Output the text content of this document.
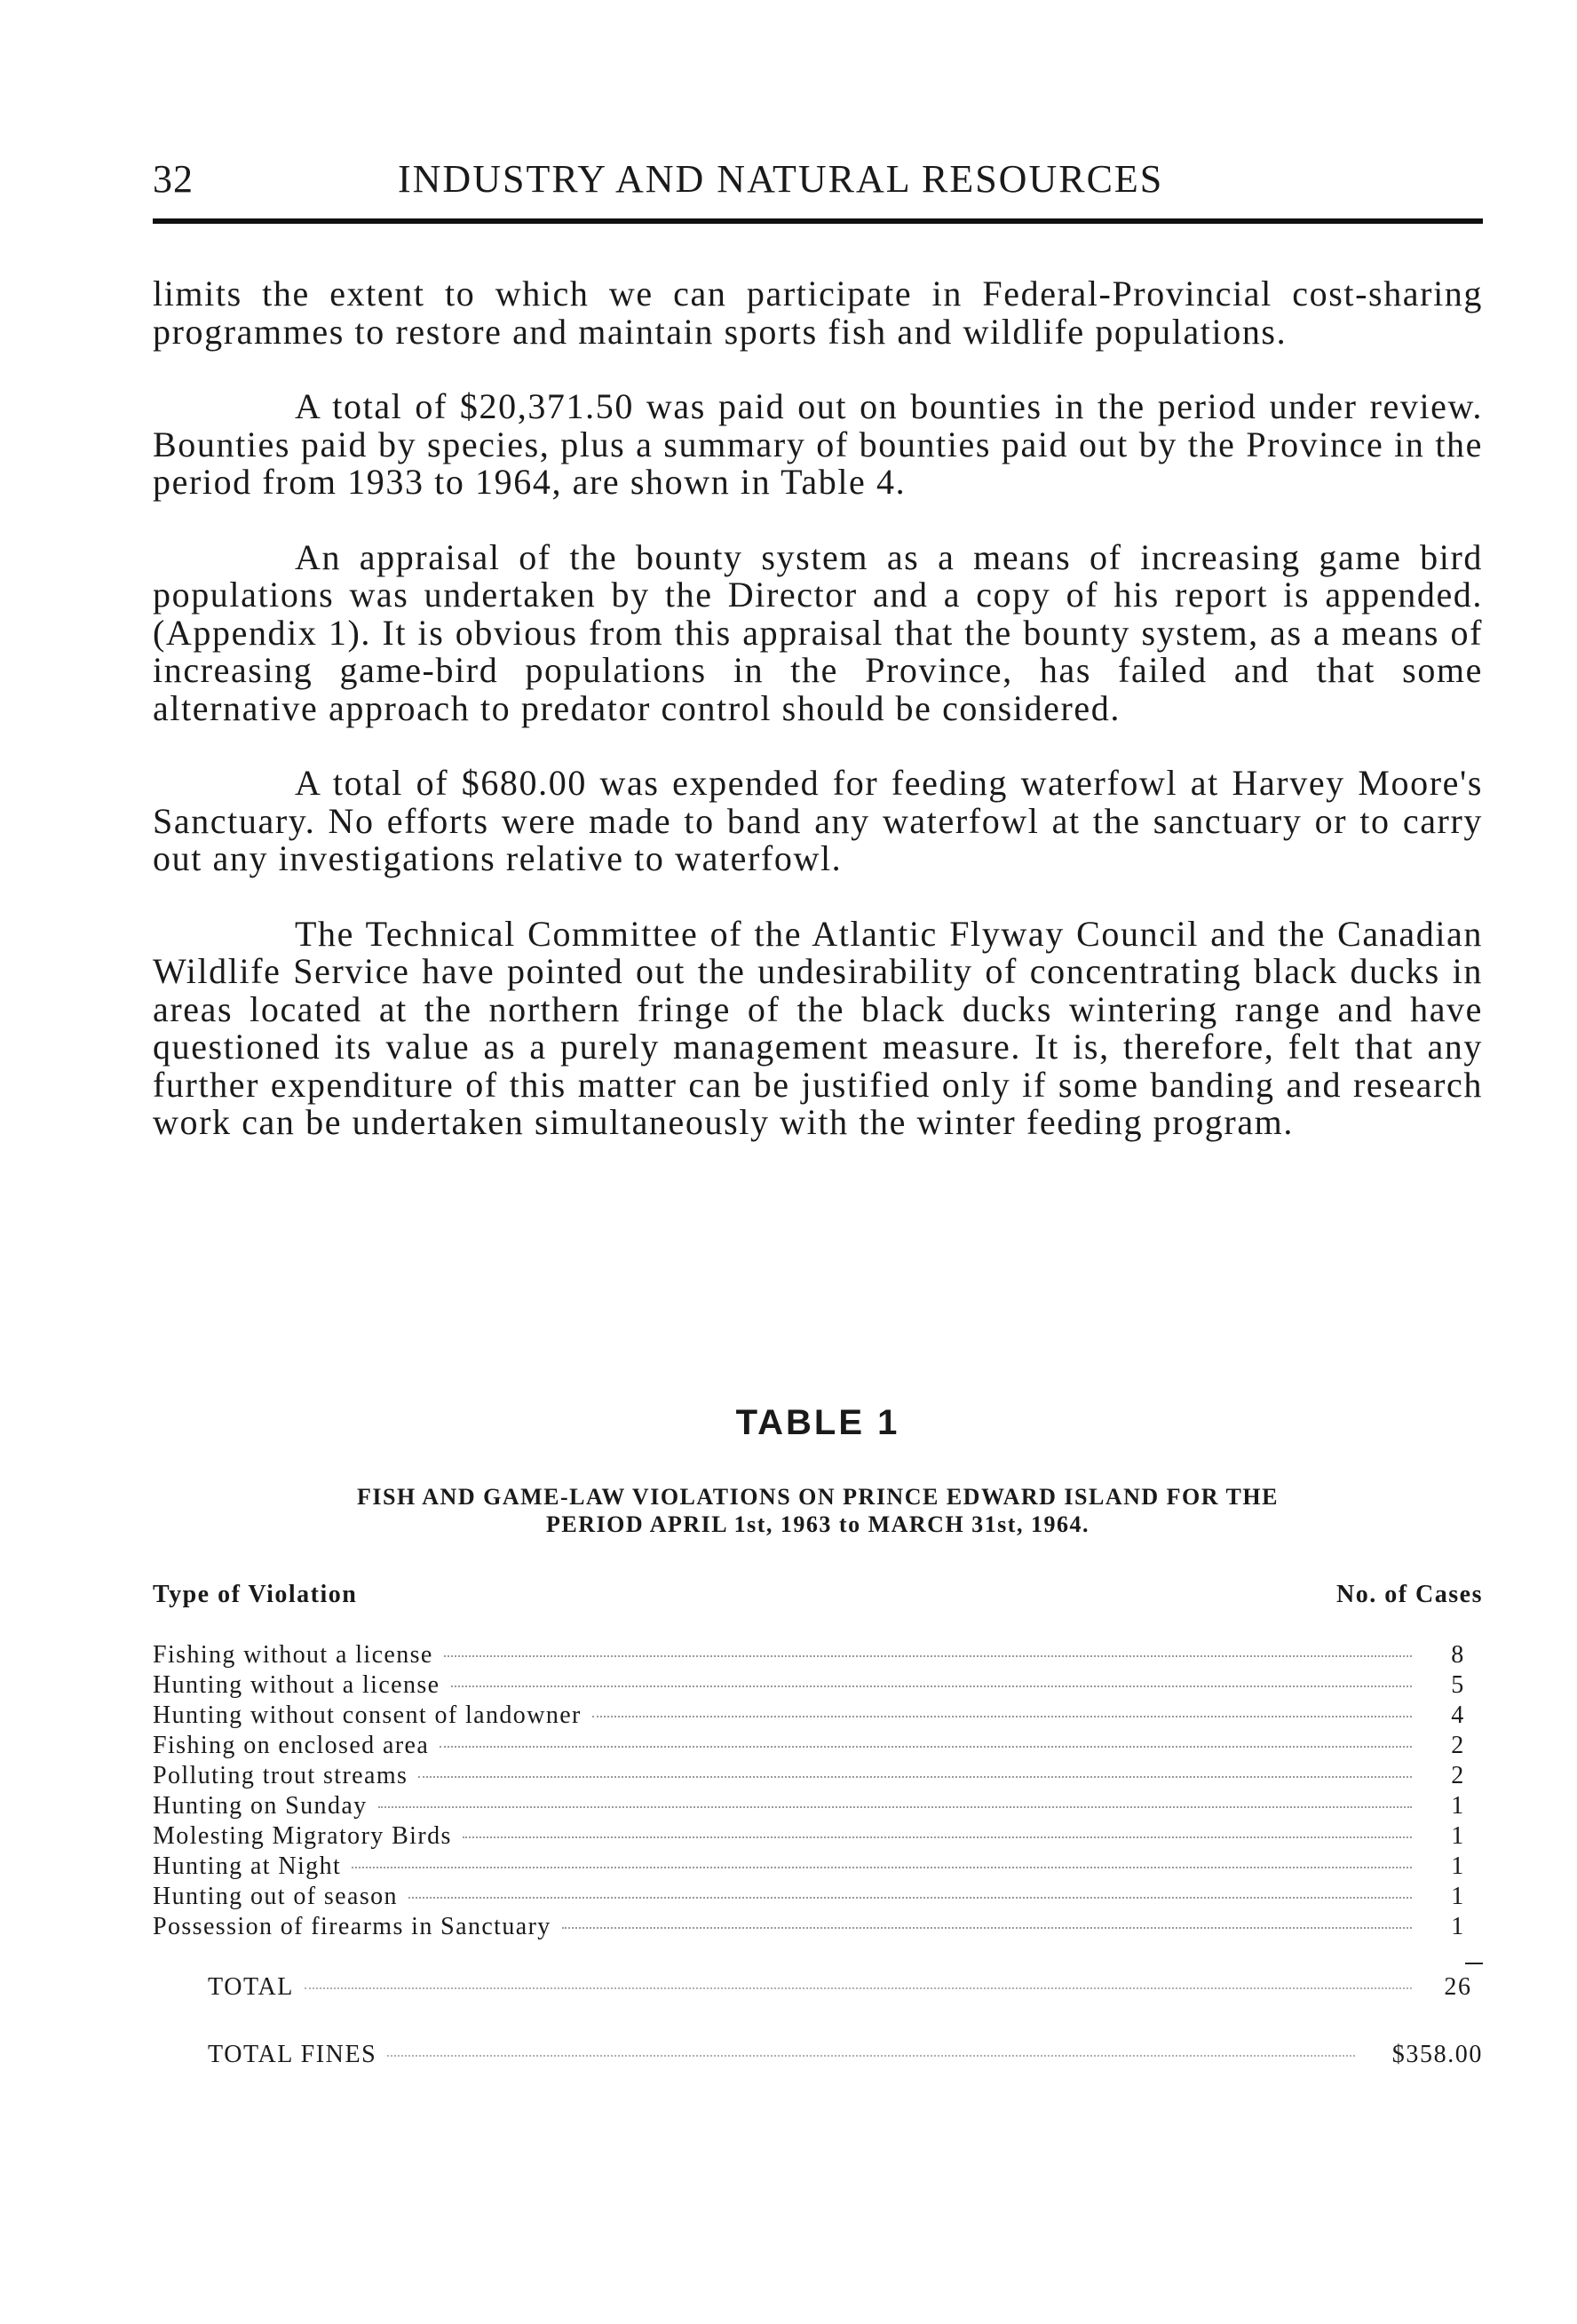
32	INDUSTRY AND NATURAL RESOURCES

limits the extent to which we can participate in Federal-Provincial cost-sharing programmes to restore and maintain sports fish and wildlife populations.

A total of $20,371.50 was paid out on bounties in the period under review. Bounties paid by species, plus a summary of bounties paid out by the Province in the period from 1933 to 1964, are shown in Table 4.

An appraisal of the bounty system as a means of increasing game bird populations was undertaken by the Director and a copy of his report is appended. (Appendix 1). It is obvious from this appraisal that the bounty system, as a means of increasing game-bird populations in the Province, has failed and that some alternative approach to predator control should be considered.

A total of $680.00 was expended for feeding waterfowl at Harvey Moore's Sanctuary. No efforts were made to band any waterfowl at the sanctuary or to carry out any investigations relative to waterfowl.

The Technical Committee of the Atlantic Flyway Council and the Canadian Wildlife Service have pointed out the undesirability of concentrating black ducks in areas located at the northern fringe of the black ducks wintering range and have questioned its value as a purely management measure. It is, therefore, felt that any further expenditure of this matter can be justified only if some banding and research work can be undertaken simultaneously with the winter feeding program.

TABLE 1
FISH AND GAME-LAW VIOLATIONS ON PRINCE EDWARD ISLAND FOR THE
PERIOD APRIL 1st, 1963 to MARCH 31st, 1964.
Type of Violation	No. of Cases
Fishing without a license	8
Hunting without a license	5
Hunting without consent of landowner	4
Fishing on enclosed area	2
Polluting trout streams	2
Hunting on Sunday	1
Molesting Migratory Birds	1
Hunting at Night	1
Hunting out of season	1
Possession of firearms in Sanctuary	1
TOTAL	26
TOTAL FINES	$358.00
